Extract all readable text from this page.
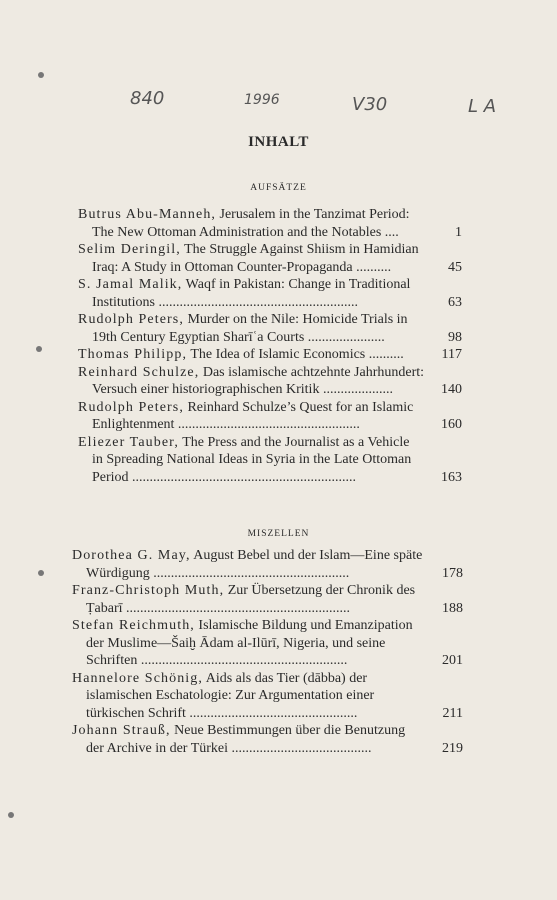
840	1996	V30	L A
INHALT
AUFSÄTZE
Butrus Abu-Manneh, Jerusalem in the Tanzimat Period:
The New Ottoman Administration and the Notables ....	1
Selim Deringil, The Struggle Against Shiism in Hamidian
Iraq: A Study in Ottoman Counter-Propaganda ..........	45
S. Jamal Malik, Waqf in Pakistan: Change in Traditional
Institutions .........................................................	63
Rudolph Peters, Murder on the Nile: Homicide Trials in
19th Century Egyptian Sharīʿa Courts ......................	98
Thomas Philipp, The Idea of Islamic Economics ..........	117
Reinhard Schulze, Das islamische achtzehnte Jahrhundert:
Versuch einer historiographischen Kritik ....................	140
Rudolph Peters, Reinhard Schulze’s Quest for an Islamic
Enlightenment ....................................................	160
Eliezer Tauber, The Press and the Journalist as a Vehicle
in Spreading National Ideas in Syria in the Late Ottoman
Period ................................................................	163
MISZELLEN
Dorothea G. May, August Bebel und der Islam—Eine späte
Würdigung ........................................................	178
Franz-Christoph Muth, Zur Übersetzung der Chronik des
Ṭabarī ................................................................	188
Stefan Reichmuth, Islamische Bildung und Emanzipation
der Muslime—Šaiḫ Ādam al-Ilūrī, Nigeria, und seine
Schriften ...........................................................	201
Hannelore Schönig, Aids als das Tier (dābba) der
islamischen Eschatologie: Zur Argumentation einer
türkischen Schrift ................................................	211
Johann Strauß, Neue Bestimmungen über die Benutzung
der Archive in der Türkei ........................................	219
